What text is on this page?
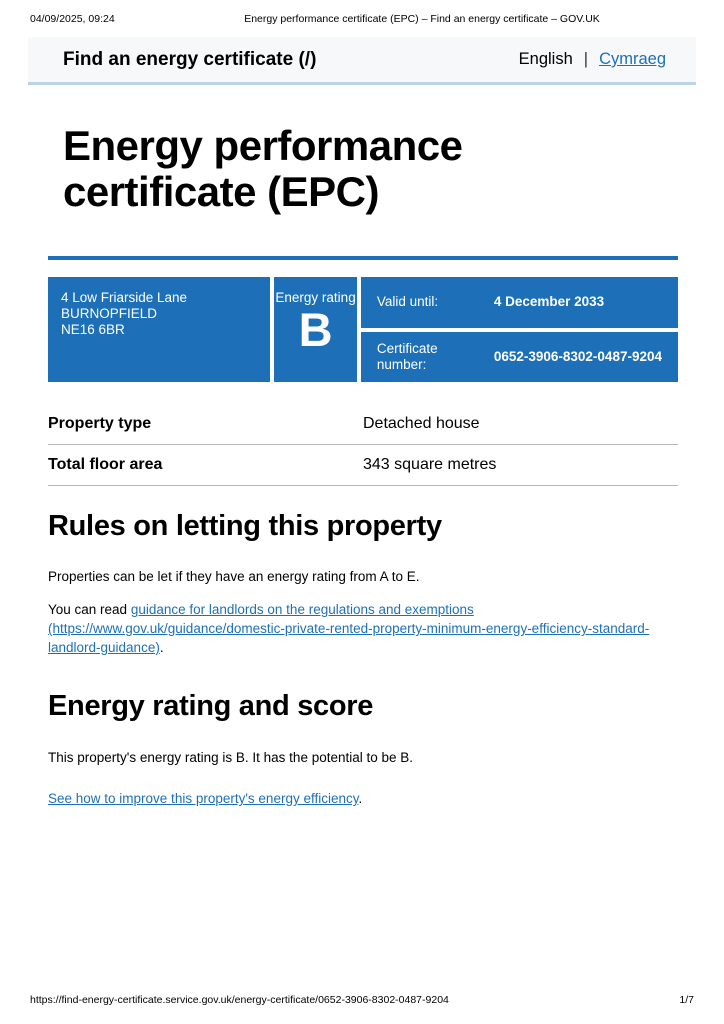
04/09/2025, 09:24	Energy performance certificate (EPC) – Find an energy certificate – GOV.UK
Find an energy certificate (/)	English | Cymraeg
Energy performance certificate (EPC)
4 Low Friarside Lane
BURNOPFIELD
NE16 6BR
Energy rating
B
Valid until:	4 December 2033
Certificate number:
0652-3906-8302-0487-9204
Property type	Detached house
Total floor area	343 square metres
Rules on letting this property

Properties can be let if they have an energy rating from A to E.

You can read guidance for landlords on the regulations and exemptions (https://www.gov.uk/guidance/domestic-private-rented-property-minimum-energy-efficiency-standard-landlord-guidance).

Energy rating and score

This property's energy rating is B. It has the potential to be B.

See how to improve this property's energy efficiency.

https://find-energy-certificate.service.gov.uk/energy-certificate/0652-3906-8302-0487-9204	1/7
